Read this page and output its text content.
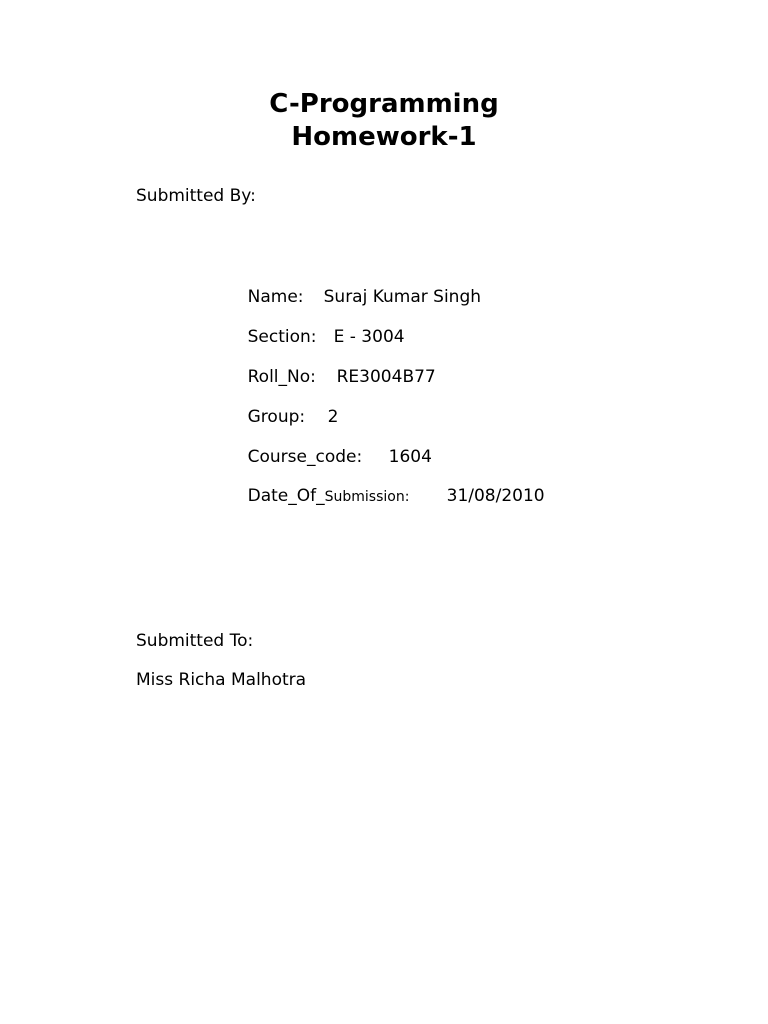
C-Programming
Homework-1
Submitted By:

Name: Suraj Kumar Singh

Section: E - 3004

Roll_No: RE3004B77

Group: 2

Course_code: 1604

Date_Of_Submission: 31/08/2010

Submitted To:
Miss Richa Malhotra
